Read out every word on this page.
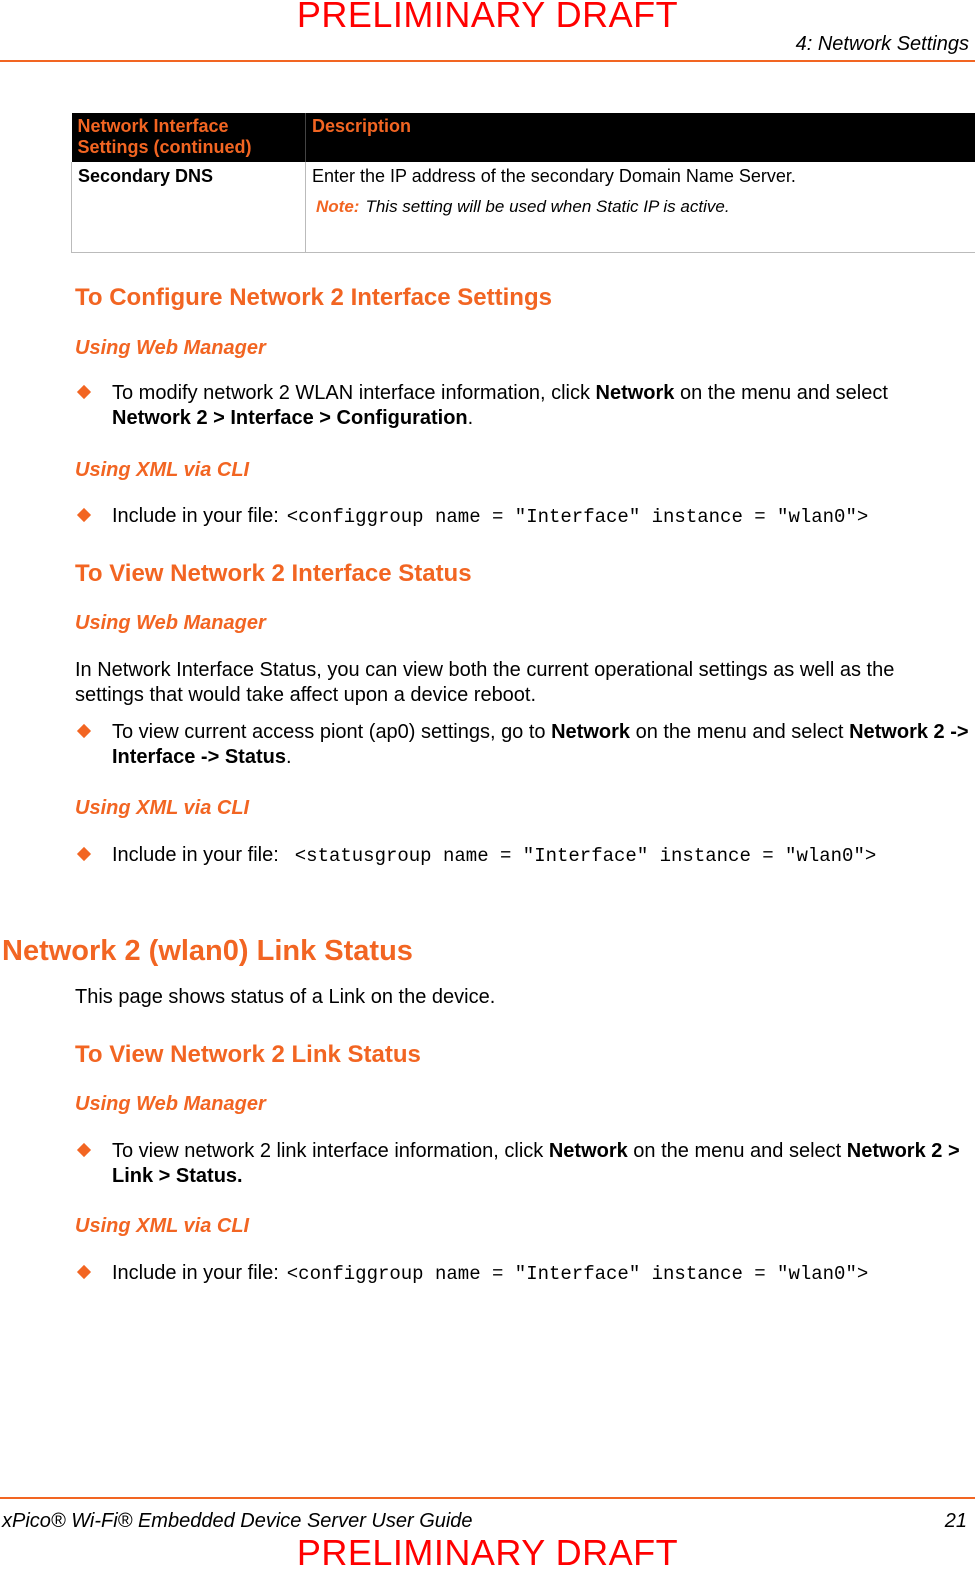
PRELIMINARY DRAFT
4: Network Settings
Network Interface Settings (continued)	Description
Secondary DNS	Enter the IP address of the secondary Domain Name Server.
Note: This setting will be used when Static IP is active.
To Configure Network 2 Interface Settings
Using Web Manager
To modify network 2 WLAN interface information, click Network on the menu and select Network 2 > Interface > Configuration.
Using XML via CLI
Include in your file: <configgroup name = "Interface" instance = "wlan0">
To View Network 2 Interface Status
Using Web Manager
In Network Interface Status, you can view both the current operational settings as well as the settings that would take affect upon a device reboot.
To view current access piont (ap0) settings, go to Network on the menu and select Network 2 -> Interface -> Status.
Using XML via CLI
Include in your file: <statusgroup name = "Interface" instance = "wlan0">
Network 2 (wlan0) Link Status
This page shows status of a Link on the device.
To View Network 2 Link Status
Using Web Manager
To view network 2 link interface information, click Network on the menu and select Network 2 > Link > Status.
Using XML via CLI
Include in your file: <configgroup name = "Interface" instance = "wlan0">
xPico® Wi-Fi® Embedded Device Server User Guide	21
PRELIMINARY DRAFT
